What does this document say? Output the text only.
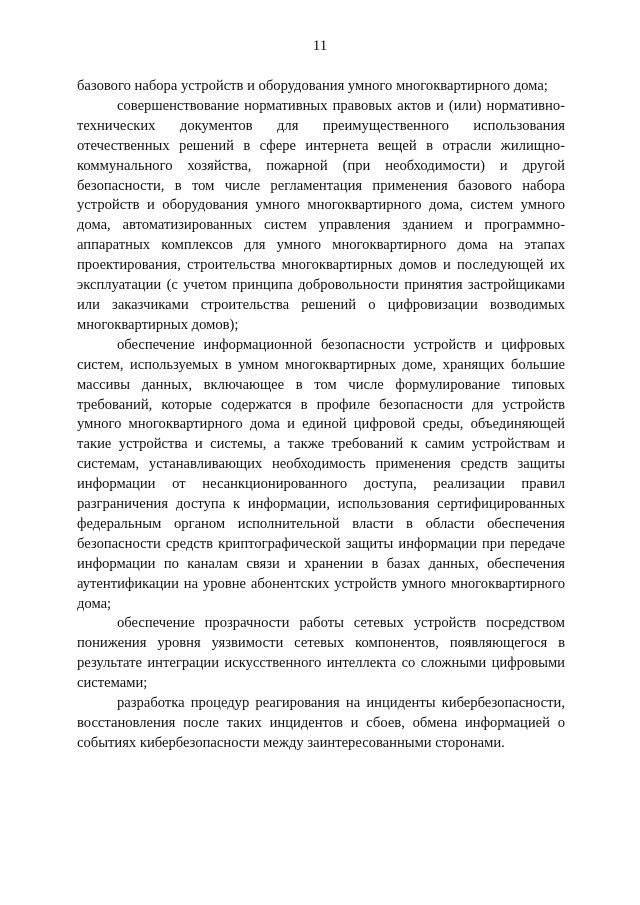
11

базового набора устройств и оборудования умного многоквартирного дома;

совершенствование нормативных правовых актов и (или) нормативно-технических документов для преимущественного использования отечественных решений в сфере интернета вещей в отрасли жилищно-коммунального хозяйства, пожарной (при необходимости) и другой безопасности, в том числе регламентация применения базового набора устройств и оборудования умного многоквартирного дома, систем умного дома, автоматизированных систем управления зданием и программно-аппаратных комплексов для умного многоквартирного дома на этапах проектирования, строительства многоквартирных домов и последующей их эксплуатации (с учетом принципа добровольности принятия застройщиками или заказчиками строительства решений о цифровизации возводимых многоквартирных домов);

обеспечение информационной безопасности устройств и цифровых систем, используемых в умном многоквартирных доме, хранящих большие массивы данных, включающее в том числе формулирование типовых требований, которые содержатся в профиле безопасности для устройств умного многоквартирного дома и единой цифровой среды, объединяющей такие устройства и системы, а также требований к самим устройствам и системам, устанавливающих необходимость применения средств защиты информации от несанкционированного доступа, реализации правил разграничения доступа к информации, использования сертифицированных федеральным органом исполнительной власти в области обеспечения безопасности средств криптографической защиты информации при передаче информации по каналам связи и хранении в базах данных, обеспечения аутентификации на уровне абонентских устройств умного многоквартирного дома;

обеспечение прозрачности работы сетевых устройств посредством понижения уровня уязвимости сетевых компонентов, появляющегося в результате интеграции искусственного интеллекта со сложными цифровыми системами;

разработка процедур реагирования на инциденты кибербезопасности, восстановления после таких инцидентов и сбоев, обмена информацией о событиях кибербезопасности между заинтересованными сторонами.
